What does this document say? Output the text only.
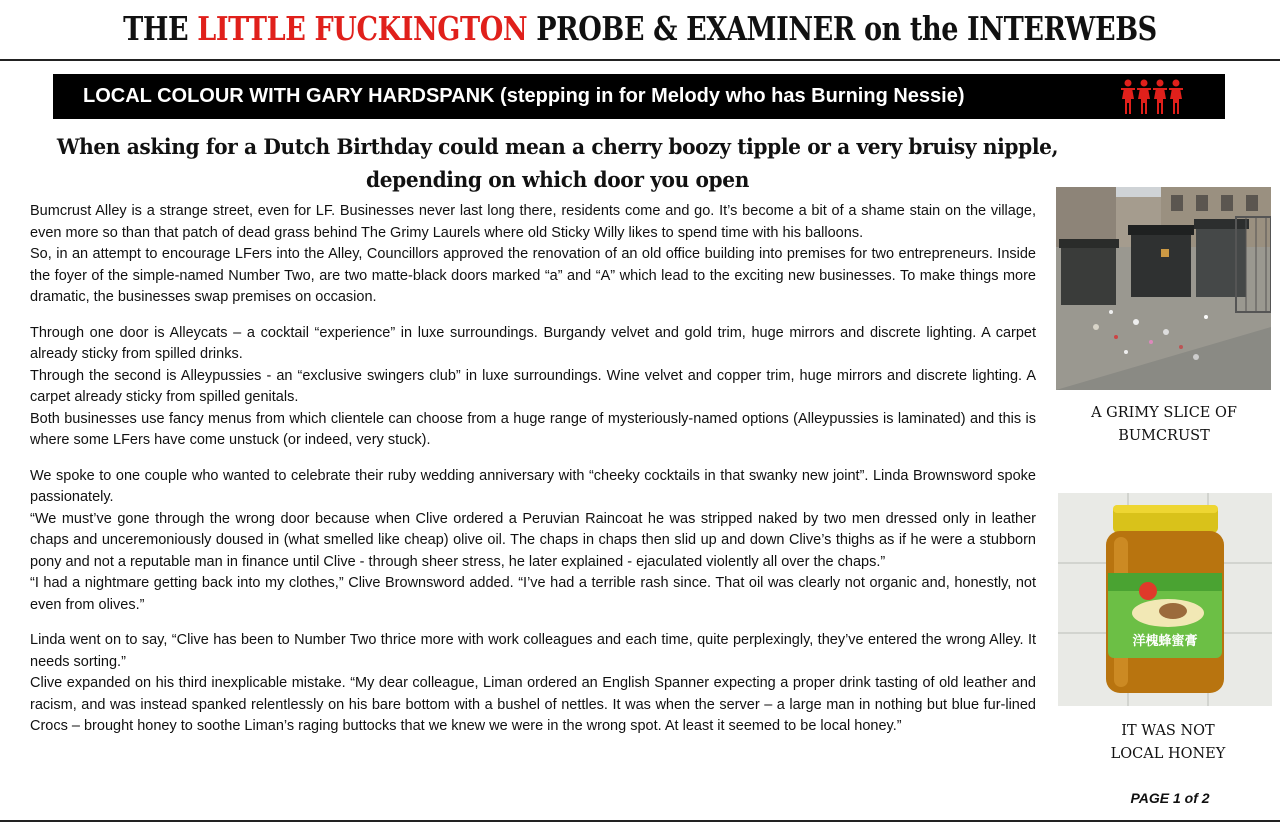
THE LITTLE FUCKINGTON PROBE & EXAMINER on the INTERWEBS
LOCAL COLOUR WITH GARY HARDSPANK (stepping in for Melody who has Burning Nessie)
When asking for a Dutch Birthday could mean a cherry boozy tipple or a very bruisy nipple,
depending on which door you open

Bumcrust Alley is a strange street, even for LF. Businesses never last long there, residents come and go. It’s become a bit of a shame stain on the village, even more so than that patch of dead grass behind The Grimy Laurels where old Sticky Willy likes to spend time with his balloons.

So, in an attempt to encourage LFers into the Alley, Councillors approved the renovation of an old office building into premises for two entrepreneurs. Inside the foyer of the simple-named Number Two, are two matte-black doors marked “a” and “A” which lead to the exciting new businesses. To make things more dramatic, the businesses swap premises on occasion.

Through one door is Alleycats – a cocktail “experience” in luxe surroundings. Burgandy velvet and gold trim, huge mirrors and discrete lighting. A carpet already sticky from spilled drinks.

Through the second is Alleypussies - an “exclusive swingers club” in luxe surroundings. Wine velvet and copper trim, huge mirrors and discrete lighting. A carpet already sticky from spilled genitals.

Both businesses use fancy menus from which clientele can choose from a huge range of mysteriously-named options (Alleypussies is laminated) and this is where some LFers have come unstuck (or indeed, very stuck).

We spoke to one couple who wanted to celebrate their ruby wedding anniversary with “cheeky cocktails in that swanky new joint”. Linda Brownsword spoke passionately.

“We must’ve gone through the wrong door because when Clive ordered a Peruvian Raincoat he was stripped naked by two men dressed only in leather chaps and unceremoniously doused in (what smelled like cheap) olive oil. The chaps in chaps then slid up and down Clive’s thighs as if he were a stubborn pony and not a reputable man in finance until Clive - through sheer stress, he later explained - ejaculated violently all over the chaps.”

“I had a nightmare getting back into my clothes,” Clive Brownsword added. “I’ve had a terrible rash since. That oil was clearly not organic and, honestly, not even from olives.”

Linda went on to say, “Clive has been to Number Two thrice more with work colleagues and each time, quite perplexingly, they’ve entered the wrong Alley. It needs sorting.”

Clive expanded on his third inexplicable mistake. “My dear colleague, Liman ordered an English Spanner expecting a proper drink tasting of old leather and racism, and was instead spanked relentlessly on his bare bottom with a bushel of nettles. It was when the server – a large man in nothing but blue fur-lined Crocs – brought honey to soothe Liman’s raging buttocks that we knew we were in the wrong spot. At least it seemed to be local honey.”

A GRIMY SLICE OF
BUMCRUST
洋槐蜂蜜膏
IT WAS NOT
LOCAL HONEY
PAGE 1 of 2
